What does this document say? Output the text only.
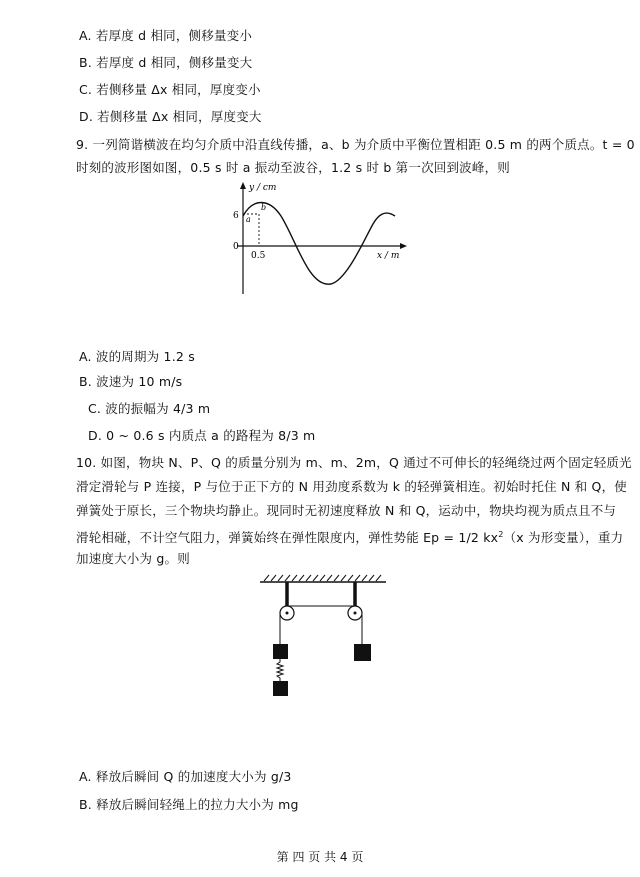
A. 若厚度 d 相同，侧移量变小
B. 若厚度 d 相同，侧移量变大
C. 若侧移量 Δx 相同，厚度变小
D. 若侧移量 Δx 相同，厚度变大
9. 一列简谐横波在均匀介质中沿直线传播，a、b 为介质中平衡位置相距 0.5 m 的两个质点。t = 0
时刻的波形图如图，0.5 s 时 a 振动至波谷，1.2 s 时 b 第一次回到波峰，则
y / cm
x / m
6
0
0.5
a
b
A. 波的周期为 1.2 s
B. 波速为 10 m/s
C. 波的振幅为 4/3 m
D. 0 ~ 0.6 s 内质点 a 的路程为 8/3 m
10. 如图，物块 N、P、Q 的质量分别为 m、m、2m，Q 通过不可伸长的轻绳绕过两个固定轻质光
滑定滑轮与 P 连接，P 与位于正下方的 N 用劲度系数为 k 的轻弹簧相连。初始时托住 N 和 Q，使
弹簧处于原长，三个物块均静止。现同时无初速度释放 N 和 Q，运动中，物块均视为质点且不与
滑轮相碰，不计空气阻力，弹簧始终在弹性限度内，弹性势能 Ep = 1/2 $kx^2(x$ 为形变量），重力
加速度大小为 g。则
A. 释放后瞬间 Q 的加速度大小为 g/3
B. 释放后瞬间轻绳上的拉力大小为 mg
第 四 页 共 4 页
